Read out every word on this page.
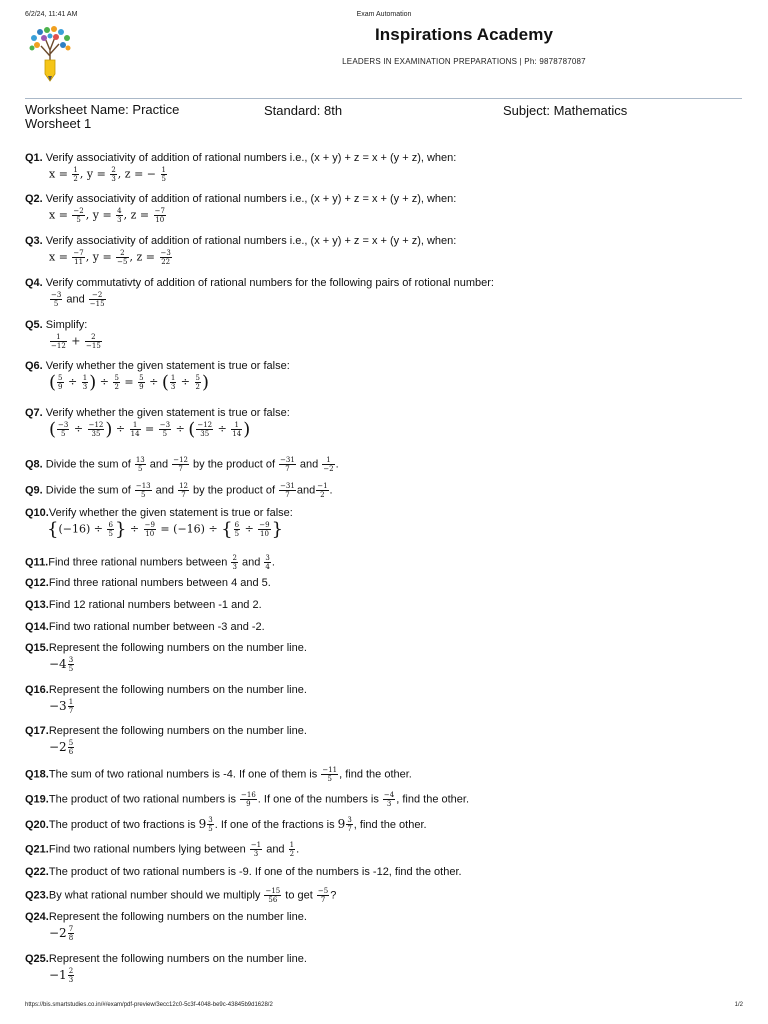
6/2/24, 11:41 AM	Exam Automation
Inspirations Academy
LEADERS IN EXAMINATION PREPARATIONS | Ph: 9878787087
Worksheet Name: Practice Worsheet 1
Standard: 8th	Subject: Mathematics
Q1. Verify associativity of addition of rational numbers i.e., (x + y) + z = x + (y + z), when:
$x = \frac{1}{2}$ , $y = \frac{2}{3}$ , z = − $\frac{1}{5}$
Q2. Verify associativity of addition of rational numbers i.e., (x + y) + z = x + (y + z), when:
$x = \frac{-2}{5}$ , $y = \frac{4}{3}$ , $z = \frac{-7}{10}$
Q3. Verify associativity of addition of rational numbers i.e., (x + y) + z = x + (y + z), when:
$x = \frac{-7}{11}$ , $y = \frac{2}{-5}$ , $z = \frac{-3}{22}$
Q4. Verify commutativty of addition of rational numbers for the following pairs of rotional number:
$\frac{-3}{5}$ and $\frac{-2}{-15}$
Q5. Simplify:
$\frac{1}{-12} + \frac{2}{-15}$
Q6. Verify whether the given statement is true or false:
( $\frac{5}{9} \div \frac{1}{3}$ ) ÷ $\frac{5}{2} = \frac{5}{9}$ ÷ ( $\frac{1}{3} \div \frac{5}{2}$ )
Q7. Verify whether the given statement is true or false:
( $\frac{-3}{5} \div \frac{-12}{35}$ ) ÷ $\frac{1}{14} = \frac{-3}{5}$ ÷ ( $\frac{-12}{35} \div \frac{1}{14}$ )
Q8. Divide the sum of $\frac{13}{5}$ and $\frac{-12}{7}$ by the product of $\frac{-31}{7}$ and $\frac{1}{-2}$ .
Q9. Divide the sum of $\frac{-13}{5}$ and $\frac{12}{7}$ by the product of $\frac{-31}{7}$ and $\frac{-1}{2}$ .
Q10.Verify whether the given statement is true or false:
{$(-16) \div \frac{6}{5}$ } ÷ $\frac{-9}{10} = (-16)$ ÷ { $\frac{6}{5} \div \frac{-9}{10}$ }
Q11.Find three rational numbers between $\frac{2}{3}$ and $\frac{3}{4}$ .
Q12.Find three rational numbers between 4 and 5.
Q13.Find 12 rational numbers between -1 and 2.
Q14.Find two rational number between -3 and -2.
Q15.Represent the following numbers on the number line.
$-4 \frac{3}{5}$
Q16.Represent the following numbers on the number line.
$-3 \frac{1}{7}$
Q17.Represent the following numbers on the number line.
$-2 \frac{5}{6}$
Q18.The sum of two rational numbers is -4. If one of them is $\frac{-11}{5}$ , find the other.
Q19.The product of two rational numbers is $\frac{-16}{9}$ . If one of the numbers is $\frac{-4}{3}$ , find the other.
Q20.The product of two fractions is $9 \frac{3}{5}$ . If one of the fractions is $9 \frac{3}{7}$ , find the other.
Q21.Find two rational numbers lying between $\frac{-1}{3}$ and $\frac{1}{2}$ .
Q22.The product of two rational numbers is -9. If one of the numbers is -12, find the other.
Q23.By what rational number should we multiply $\frac{-15}{56}$ to get $\frac{-5}{7}$ ?
Q24.Represent the following numbers on the number line.
$-2 \frac{7}{8}$
Q25.Represent the following numbers on the number line.
$-1 \frac{2}{3}$
https://bis.smartstudies.co.in/#/exam/pdf-preview/3ecc12c0-5c3f-4048-be9c-43845b9d1628/2	1/2
